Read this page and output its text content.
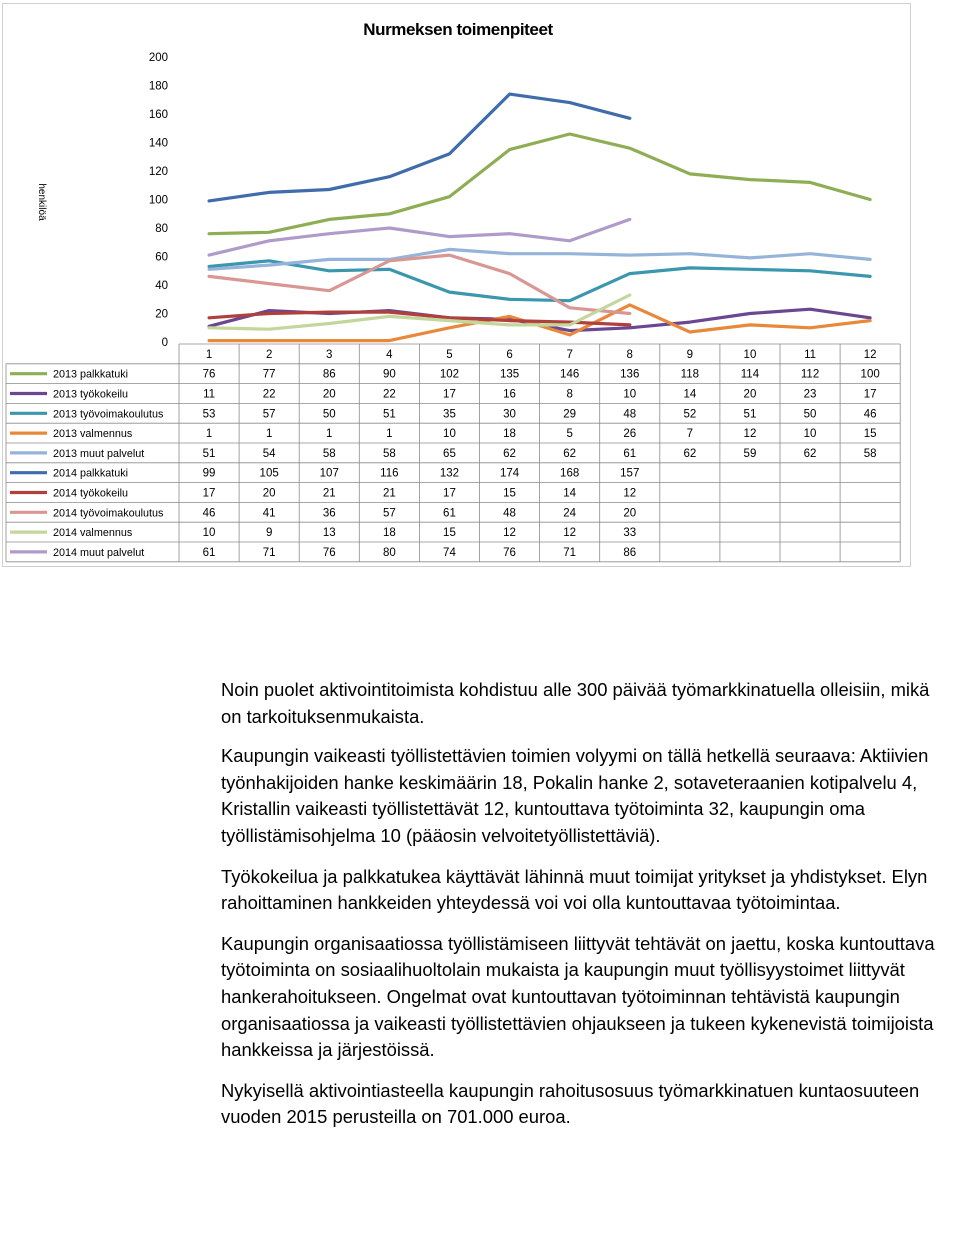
Nurmeksen toimenpiteet
henkilöä
0
20
40
60
80
100
120
140
160
180
200
1	2	3	4	5	6	7	8	9	10	11	12
2013 palkkatuki	76	77	86	90	102	135	146	136	118	114	112	100
2013 työkokeilu	11	22	20	22	17	16	8	10	14	20	23	17
2013 työvoimakoulutus	53	57	50	51	35	30	29	48	52	51	50	46
2013 valmennus	1	1	1	1	10	18	5	26	7	12	10	15
2013 muut palvelut	51	54	58	58	65	62	62	61	62	59	62	58
2014 palkkatuki	99	105	107	116	132	174	168	157
2014 työkokeilu	17	20	21	21	17	15	14	12
2014 työvoimakoulutus	46	41	36	57	61	48	24	20
2014 valmennus	10	9	13	18	15	12	12	33
2014 muut palvelut	61	71	76	80	74	76	71	86

Noin puolet aktivointitoimista kohdistuu alle 300 päivää työmarkkinatuella olleisiin, mikä on tarkoituksenmukaista.

Kaupungin vaikeasti työllistettävien toimien volyymi on tällä hetkellä seuraava: Aktiivien työnhakijoiden hanke keskimäärin 18, Pokalin hanke 2, sotaveteraanien kotipalvelu 4, Kristallin vaikeasti työllistettävät 12, kuntouttava työtoiminta 32, kaupungin oma työllistämisohjelma 10 (pääosin velvoitetyöllistettäviä).

Työkokeilua ja palkkatukea käyttävät lähinnä muut toimijat yritykset ja yhdistykset. Elyn rahoittaminen hankkeiden yhteydessä voi voi olla kuntouttavaa työtoimintaa.

Kaupungin organisaatiossa työllistämiseen liittyvät tehtävät on jaettu, koska kuntouttava työtoiminta on sosiaalihuoltolain mukaista ja kaupungin muut työllisyystoimet liittyvät hankerahoitukseen. Ongelmat ovat kuntouttavan työtoiminnan tehtävistä kaupungin organisaatiossa ja vaikeasti työllistettävien ohjaukseen ja tukeen kykenevistä toimijoista hankkeissa ja järjestöissä.

Nykyisellä aktivointiasteella kaupungin rahoitusosuus työmarkkinatuen kuntaosuuteen vuoden 2015 perusteilla on 701.000 euroa.
